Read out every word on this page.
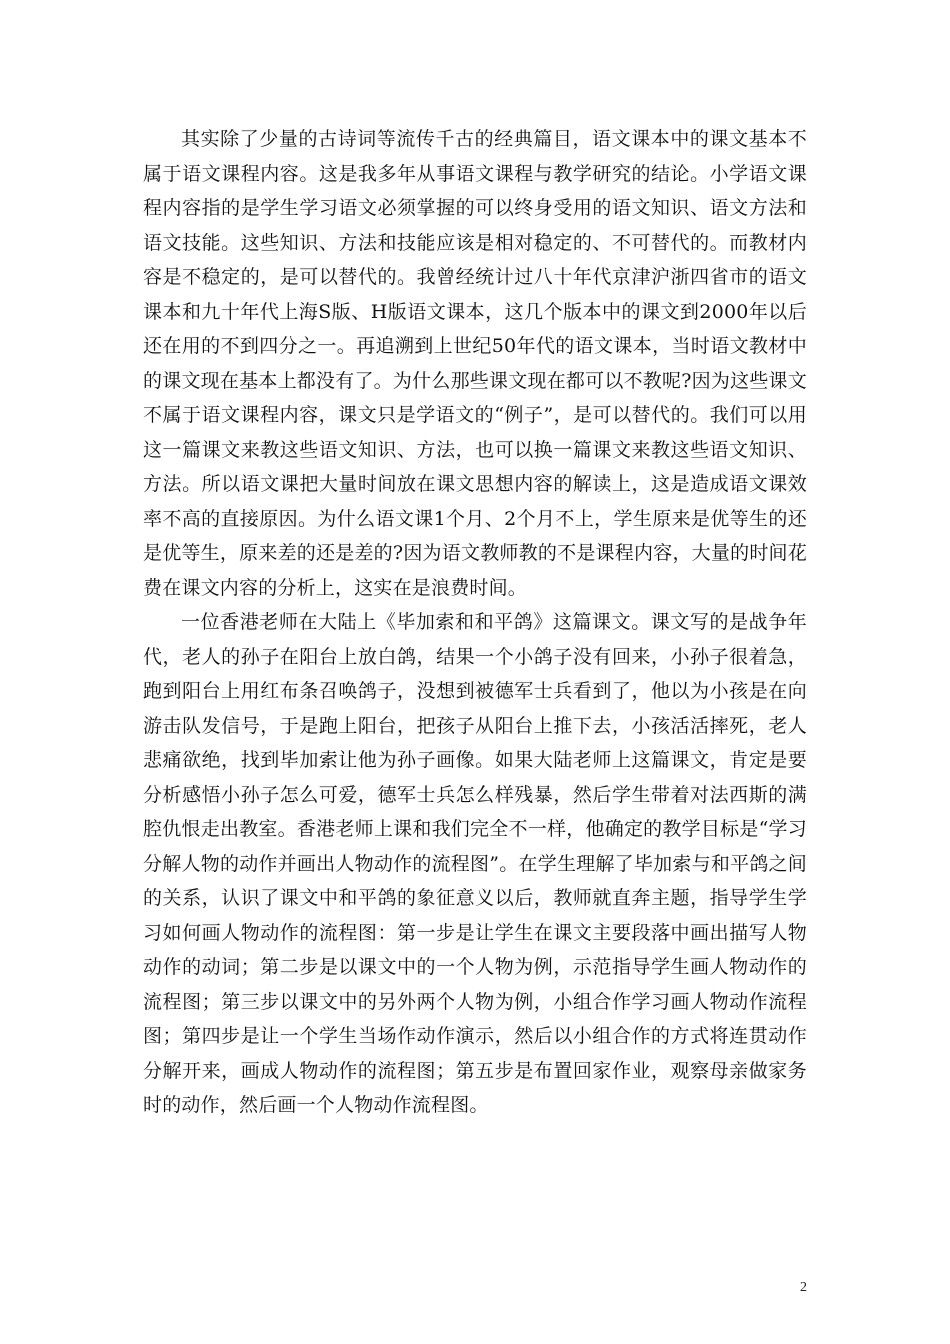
其实除了少量的古诗词等流传千古的经典篇目，语文课本中的课文基本不属于语文课程内容。这是我多年从事语文课程与教学研究的结论。小学语文课程内容指的是学生学习语文必须掌握的可以终身受用的语文知识、语文方法和语文技能。这些知识、方法和技能应该是相对稳定的、不可替代的。而教材内容是不稳定的，是可以替代的。我曾经统计过八十年代京津沪浙四省市的语文课本和九十年代上海S版、H版语文课本，这几个版本中的课文到2000年以后还在用的不到四分之一。再追溯到上世纪50年代的语文课本，当时语文教材中的课文现在基本上都没有了。为什么那些课文现在都可以不教呢?因为这些课文不属于语文课程内容，课文只是学语文的“例子”，是可以替代的。我们可以用这一篇课文来教这些语文知识、方法，也可以换一篇课文来教这些语文知识、方法。所以语文课把大量时间放在课文思想内容的解读上，这是造成语文课效率不高的直接原因。为什么语文课1个月、2个月不上，学生原来是优等生的还是优等生，原来差的还是差的?因为语文教师教的不是课程内容，大量的时间花费在课文内容的分析上，这实在是浪费时间。

一位香港老师在大陆上《毕加索和和平鸽》这篇课文。课文写的是战争年代，老人的孙子在阳台上放白鸽，结果一个小鸽子没有回来，小孙子很着急，跑到阳台上用红布条召唤鸽子，没想到被德军士兵看到了，他以为小孩是在向游击队发信号，于是跑上阳台，把孩子从阳台上推下去，小孩活活摔死，老人悲痛欲绝，找到毕加索让他为孙子画像。如果大陆老师上这篇课文，肯定是要分析感悟小孙子怎么可爱，德军士兵怎么样残暴，然后学生带着对法西斯的满腔仇恨走出教室。香港老师上课和我们完全不一样，他确定的教学目标是“学习分解人物的动作并画出人物动作的流程图”。在学生理解了毕加索与和平鸽之间的关系，认识了课文中和平鸽的象征意义以后，教师就直奔主题，指导学生学习如何画人物动作的流程图：第一步是让学生在课文主要段落中画出描写人物动作的动词；第二步是以课文中的一个人物为例，示范指导学生画人物动作的流程图；第三步以课文中的另外两个人物为例，小组合作学习画人物动作流程图；第四步是让一个学生当场作动作演示，然后以小组合作的方式将连贯动作分解开来，画成人物动作的流程图；第五步是布置回家作业，观察母亲做家务时的动作，然后画一个人物动作流程图。

2
